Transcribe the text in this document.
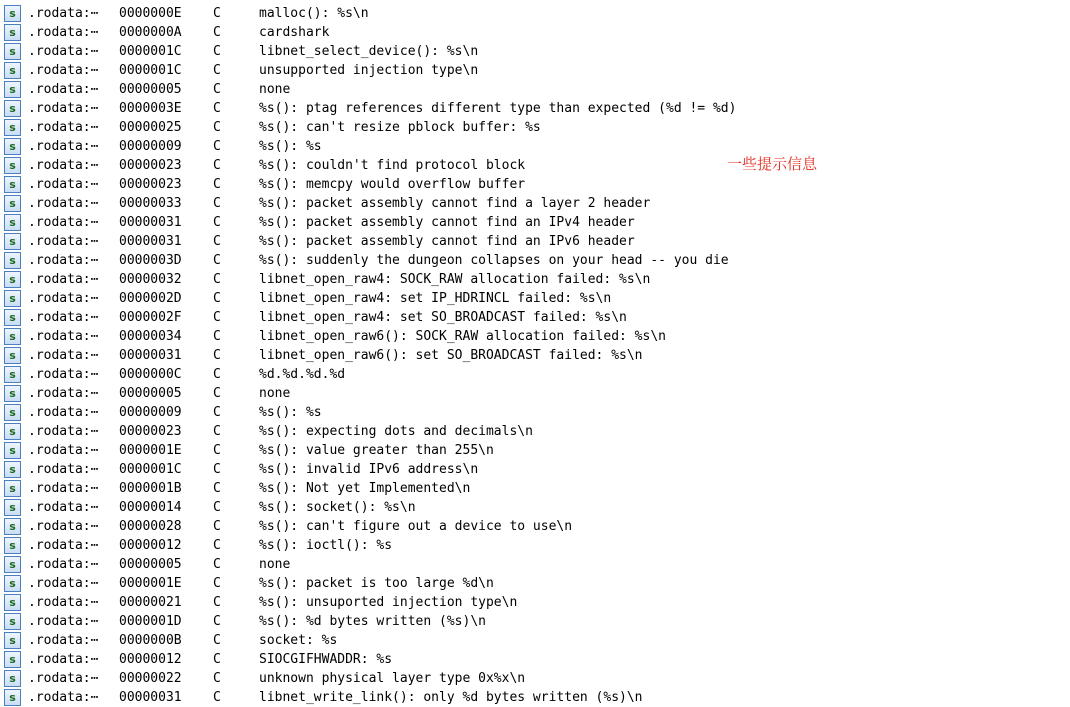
s .rodata:⋯ 0000000E C	malloc(): %s\n
s .rodata:⋯ 0000000A C	cardshark
s .rodata:⋯ 0000001C C	libnet_select_device(): %s\n
s .rodata:⋯ 0000001C C	unsupported injection type\n
s .rodata:⋯ 00000005 C	none
s .rodata:⋯ 0000003E C	%s(): ptag references different type than expected (%d != %d)
s .rodata:⋯ 00000025 C	%s(): can't resize pblock buffer: %s
s .rodata:⋯ 00000009 C	%s(): %s
s .rodata:⋯ 00000023 C	%s(): couldn't find protocol block
s .rodata:⋯ 00000023 C	%s(): memcpy would overflow buffer
s .rodata:⋯ 00000033 C	%s(): packet assembly cannot find a layer 2 header
s .rodata:⋯ 00000031 C	%s(): packet assembly cannot find an IPv4 header
s .rodata:⋯ 00000031 C	%s(): packet assembly cannot find an IPv6 header
s .rodata:⋯ 0000003D C	%s(): suddenly the dungeon collapses on your head -- you die
s .rodata:⋯ 00000032 C	libnet_open_raw4: SOCK_RAW allocation failed: %s\n
s .rodata:⋯ 0000002D C	libnet_open_raw4: set IP_HDRINCL failed: %s\n
s .rodata:⋯ 0000002F C	libnet_open_raw4: set SO_BROADCAST failed: %s\n
s .rodata:⋯ 00000034 C	libnet_open_raw6(): SOCK_RAW allocation failed: %s\n
s .rodata:⋯ 00000031 C	libnet_open_raw6(): set SO_BROADCAST failed: %s\n
s .rodata:⋯ 0000000C C	%d.%d.%d.%d
s .rodata:⋯ 00000005 C	none
s .rodata:⋯ 00000009 C	%s(): %s
s .rodata:⋯ 00000023 C	%s(): expecting dots and decimals\n
s .rodata:⋯ 0000001E C	%s(): value greater than 255\n
s .rodata:⋯ 0000001C C	%s(): invalid IPv6 address\n
s .rodata:⋯ 0000001B C	%s(): Not yet Implemented\n
s .rodata:⋯ 00000014 C	%s(): socket(): %s\n
s .rodata:⋯ 00000028 C	%s(): can't figure out a device to use\n
s .rodata:⋯ 00000012 C	%s(): ioctl(): %s
s .rodata:⋯ 00000005 C	none
s .rodata:⋯ 0000001E C	%s(): packet is too large %d\n
s .rodata:⋯ 00000021 C	%s(): unsuported injection type\n
s .rodata:⋯ 0000001D C	%s(): %d bytes written (%s)\n
s .rodata:⋯ 0000000B C	socket: %s
s .rodata:⋯ 00000012 C	SIOCGIFHWADDR: %s
s .rodata:⋯ 00000022 C	unknown physical layer type 0x%x\n
s .rodata:⋯ 00000031 C	libnet_write_link(): only %d bytes written (%s)\n
一些提示信息
